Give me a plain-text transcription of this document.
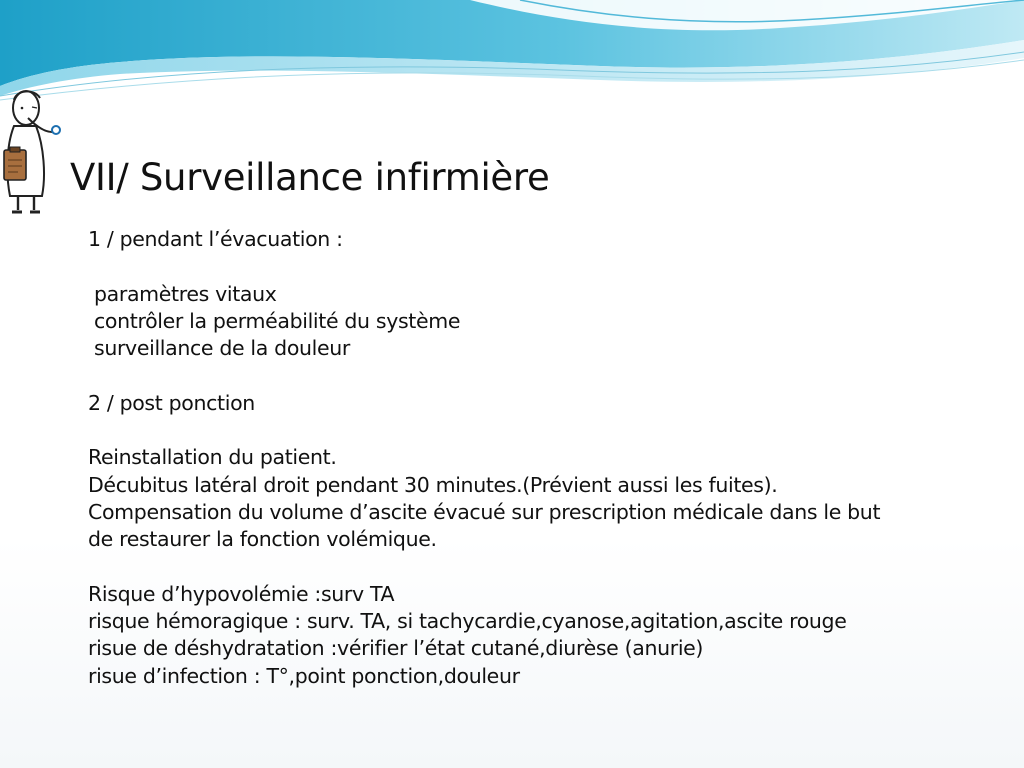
VII/ Surveillance infirmière
1 / pendant l’évacuation :
paramètres vitaux
contrôler la perméabilité du système
surveillance de la douleur
2 / post ponction
Reinstallation du patient.
Décubitus latéral droit pendant 30 minutes.(Prévient aussi les fuites).
Compensation du volume d’ascite évacué sur prescription médicale dans le but
de restaurer la fonction volémique.
Risque d’hypovolémie :surv TA
risque hémoragique : surv. TA, si tachycardie,cyanose,agitation,ascite rouge
risue de déshydratation :vérifier l’état cutané,diurèse (anurie)
risue d’infection : T°,point ponction,douleur
